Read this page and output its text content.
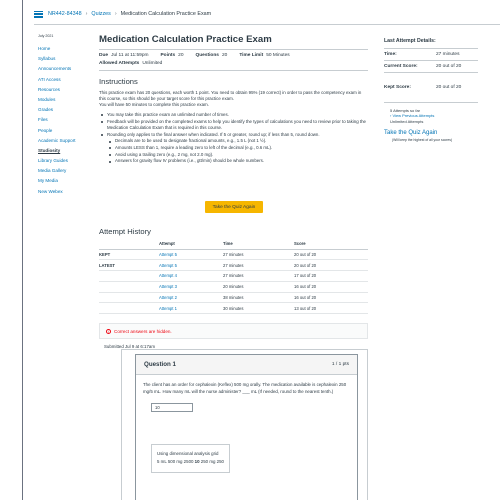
NR442-84348 › Quizzes › Medication Calculation Practice Exam
July 2021
Home
Syllabus
Announcements
ATI Access
Resources
Modules
Grades
Files
People
Academic Support
Studiosity
Library Guides
Media Gallery
My Media
New Webex
Medication Calculation Practice Exam
Due Jul 11 at 11:59pm	Points 20	Questions 20	Time Limit 50 Minutes
Allowed Attempts Unlimited
Instructions

This practice exam has 20 questions, each worth 1 point. You need to obtain 95% (19 correct) in order to pass the competency exam in this course, so this should be your target score for this practice exam.

You will have 50 minutes to complete this practice exam.

You may take this practice exam an unlimited number of times.
Feedback will be provided on the completed exams to help you identify the types of calculations you need to review prior to taking the Medication Calculation Exam that is required in this course.
Rounding only applies to the final answer when indicated. If 5 or greater, round up; if less than 5, round down.
Decimals are to be used to designate fractional amounts, e.g., 1.5 L (not 1 ½).
Amounts LESS than 1, require a leading zero to left of the decimal (e.g., 0.6 mL).
Avoid using a trailing zero (e.g., 2 mg, not 2.0 mg).
Answers for gravity flow IV problems (i.e., gtt/min) should be whole numbers.
Take the Quiz Again
Attempt History
	Attempt	Time	Score
KEPT	Attempt 5	27 minutes	20 out of 20
LATEST	Attempt 5	27 minutes	20 out of 20
	Attempt 4	27 minutes	17 out of 20
	Attempt 3	20 minutes	16 out of 20
	Attempt 2	38 minutes	16 out of 20
	Attempt 1	30 minutes	13 out of 20
i	Correct answers are hidden.
Submitted Jul 9 at 6:17am
Question 1	1 / 1 pts
The client has an order for cephalexin (Keflex) 500 mg orally. The medication available is cephalexin 250 mg/5 mL. How many mL will the nurse administer? ___ mL (If needed, round to the nearest tenth.)
10
Using dimensional analysis grid
5 mL 500 mg 2500 10 250 mg 250
Last Attempt Details:
Time:	27 minutes
Current Score:	20 out of 20
Kept Score:	20 out of 20
5 Attempts so far
› View Previous Attempts
Unlimited Attempts
Take the Quiz Again
(Will keep the highest of all your scores)
